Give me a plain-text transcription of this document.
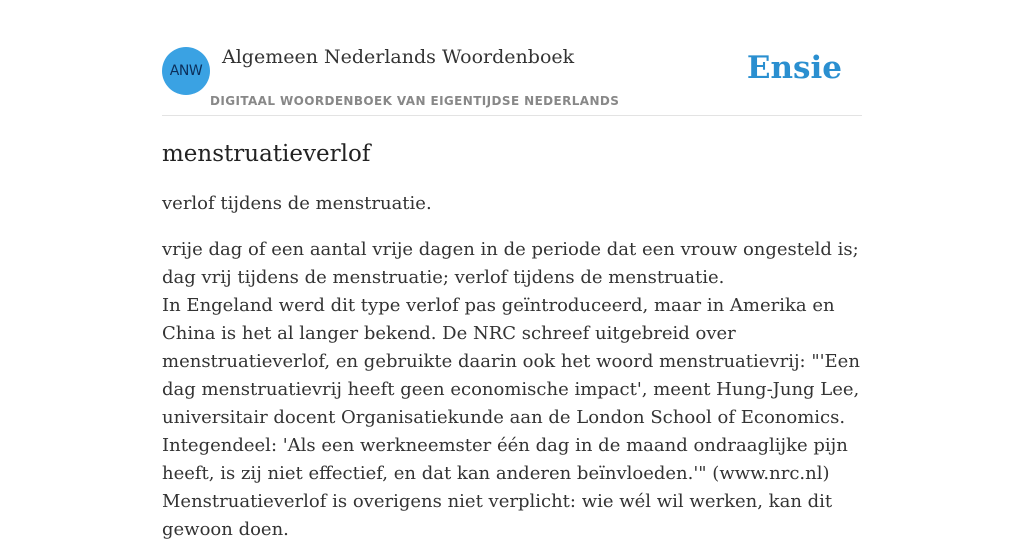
ANW
Algemeen Nederlands Woordenboek
DIGITAAL WOORDENBOEK VAN EIGENTIJDSE NEDERLANDS
Ensie
menstruatieverlof

verlof tijdens de menstruatie.

vrije dag of een aantal vrije dagen in de periode dat een vrouw ongesteld is; dag vrij tijdens de menstruatie; verlof tijdens de menstruatie.
In Engeland werd dit type verlof pas geïntroduceerd, maar in Amerika en China is het al langer bekend. De NRC schreef uitgebreid over menstruatieverlof, en gebruikte daarin ook het woord menstruatievrij: "'Een dag menstruatievrij heeft geen economische impact', meent Hung-Jung Lee, universitair docent Organisatiekunde aan de London School of Economics. Integendeel: 'Als een werkneemster één dag in de maand ondraaglijke pijn heeft, is zij niet effectief, en dat kan anderen beïnvloeden.'" (www.nrc.nl) Menstruatieverlof is overigens niet verplicht: wie wél wil werken, kan dit gewoon doen.
